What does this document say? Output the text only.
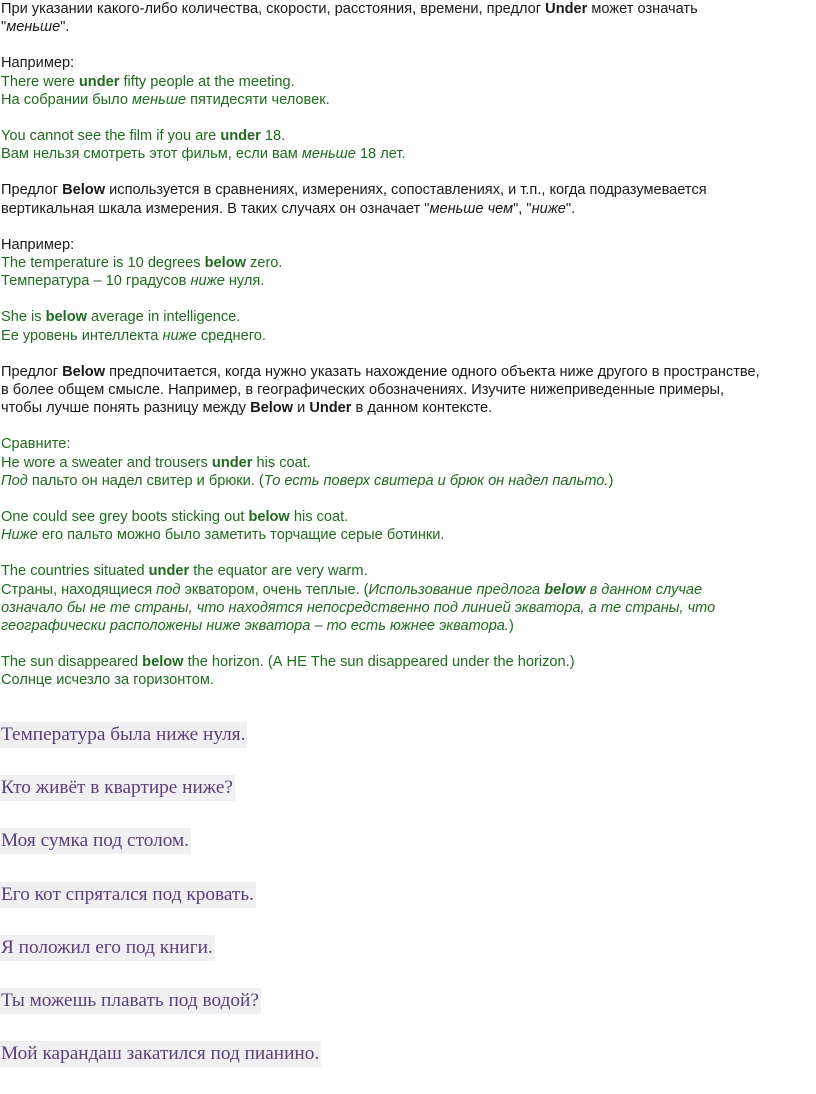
При указании какого-либо количества, скорости, расстояния, времени, предлог Under может означать

"меньше".

Например:

There were under fifty people at the meeting.

На собрании было меньше пятидесяти человек.

You cannot see the film if you are under 18.

Вам нельзя смотреть этот фильм, если вам меньше 18 лет.

Предлог Below используется в сравнениях, измерениях, сопоставлениях, и т.п., когда подразумевается

вертикальная шкала измерения. В таких случаях он означает "меньше чем", "ниже".

Например:

The temperature is 10 degrees below zero.

Температура – 10 градусов ниже нуля.

She is below average in intelligence.

Ее уровень интеллекта ниже среднего.

Предлог Below предпочитается, когда нужно указать нахождение одного объекта ниже другого в пространстве,

в более общем смысле. Например, в географических обозначениях. Изучите нижеприведенные примеры,

чтобы лучше понять разницу между Below и Under в данном контексте.

Сравните:

He wore a sweater and trousers under his coat.

Под пальто он надел свитер и брюки. (То есть поверх свитера и брюк он надел пальто.)

One could see grey boots sticking out below his coat.

Ниже его пальто можно было заметить торчащие серые ботинки.

The countries situated under the equator are very warm.

Страны, находящиеся под экватором, очень теплые. (Использование предлога below в данном случае

означало бы не те страны, что находятся непосредственно под линией экватора, а те страны, что

географически расположены ниже экватора – то есть южнее экватора.)

The sun disappeared below the horizon. (А НЕ The sun disappeared under the horizon.)

Солнце исчезло за горизонтом.

Температура была ниже нуля.

Кто живёт в квартире ниже?

Моя сумка под столом.

Его кот спрятался под кровать.

Я положил его под книги.

Ты можешь плавать под водой?

Мой карандаш закатился под пианино.
